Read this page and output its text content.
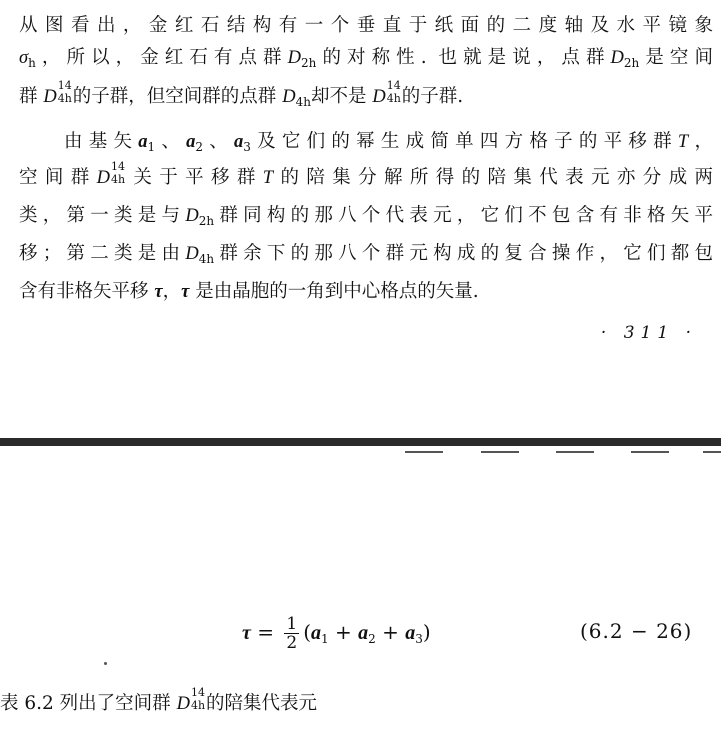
从图看出，金红石结构有一个垂直于纸面的二度轴及水平镜象
$\sigma_h$，所以，金红石有点群$D_{2h}$的对称性. 也就是说，点群$D_{2h}$是空间
群 D
14
4h 的子群，但空间群的点群 $D_{4h}$却不是 D
14
4h 的子群.
由基矢$a_1$、$a_2$、$a_3$及它们的幂生成简单四方格子的平移群T，
空间群D
14
4h 关于平移群T的陪集分解所得的陪集代表元亦分成两
类，第一类是与$D_{2h}$群同构的那八个代表元，它们不包含有非格矢平
移；第二类是由$D_{4h}$群余下的那八个群元构成的复合操作，它们都包
含有非格矢平移 τ，τ 是由晶胞的一角到中心格点的矢量.
· 311 ·
$\tau = \frac{1}{2} (a_1 + a_2 + a_3)$	(6.2 − 26)
表 6.2 列出了空间群 D
14
4h 的陪集代表元
